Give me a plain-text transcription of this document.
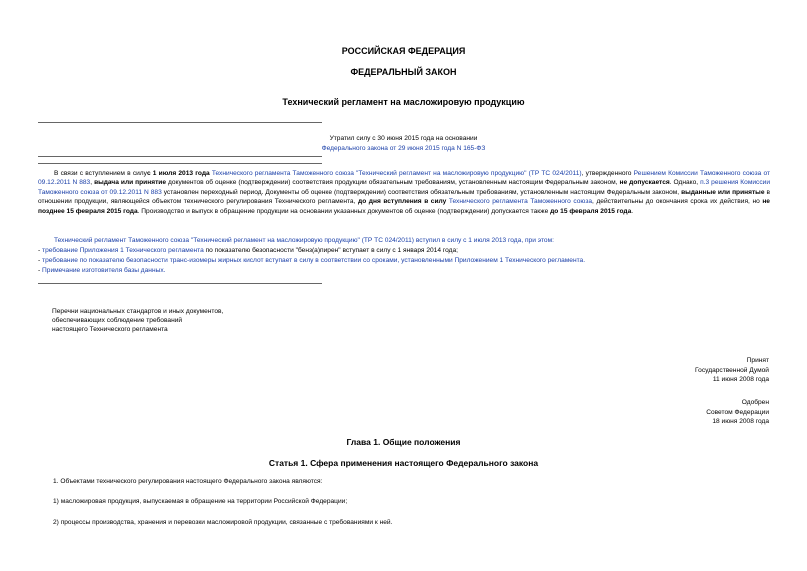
РОССИЙСКАЯ ФЕДЕРАЦИЯ
ФЕДЕРАЛЬНЫЙ ЗАКОН
Технический регламент на масложировую продукцию
Утратил силу с 30 июня 2015 года на основании
Федерального закона от 29 июня 2015 года N 165-ФЗ
В связи с вступлением в силус 1 июля 2013 года Технического регламента Таможенного союза "Технический регламент на масложировую продукцию" (ТР ТС 024/2011), утвержденного Решением Комиссии Таможенного союза от 09.12.2011 N 883, выдача или принятие документов об оценке (подтверждении) соответствия продукции обязательным требованиям, установленным настоящим Федеральным законом, не допускается. Однако, п.3 решения Комиссии Таможенного союза от 09.12.2011 N 883 установлен переходный период. Документы об оценке (подтверждении) соответствия обязательным требованиям, установленным настоящим Федеральным законом, выданные или принятые в отношении продукции, являющейся объектом технического регулирования Технического регламента, до дня вступления в силу Технического регламента Таможенного союза, действительны до окончания срока их действия, но не позднее 15 февраля 2015 года. Производство и выпуск в обращение продукции на основании указанных документов об оценке (подтверждении) допускается также до 15 февраля 2015 года.
Технический регламент Таможенного союза "Технический регламент на масложировую продукцию" (ТР ТС 024/2011) вступил в силу с 1 июля 2013 года, при этом:
- требование Приложения 1 Технического регламента по показателю безопасности "бенз(а)пирен" вступает в силу с 1 января 2014 года;
- требование по показателю безопасности транс-изомеры жирных кислот вступает в силу в соответствии со сроками, установленными Приложением 1 Технического регламента.
- Примечание изготовителя базы данных.
Перечни национальных стандартов и иных документов,
обеспечивающих соблюдение требований
настоящего Технического регламента
Принят
Государственной Думой
11 июня 2008 года
Одобрен
Советом Федерации
18 июня 2008 года
Глава 1. Общие положения
Статья 1. Сфера применения настоящего Федерального закона
1. Объектами технического регулирования настоящего Федерального закона являются:
1) масложировая продукция, выпускаемая в обращение на территории Российской Федерации;
2) процессы производства, хранения и перевозки масложировой продукции, связанные с требованиями к ней.
